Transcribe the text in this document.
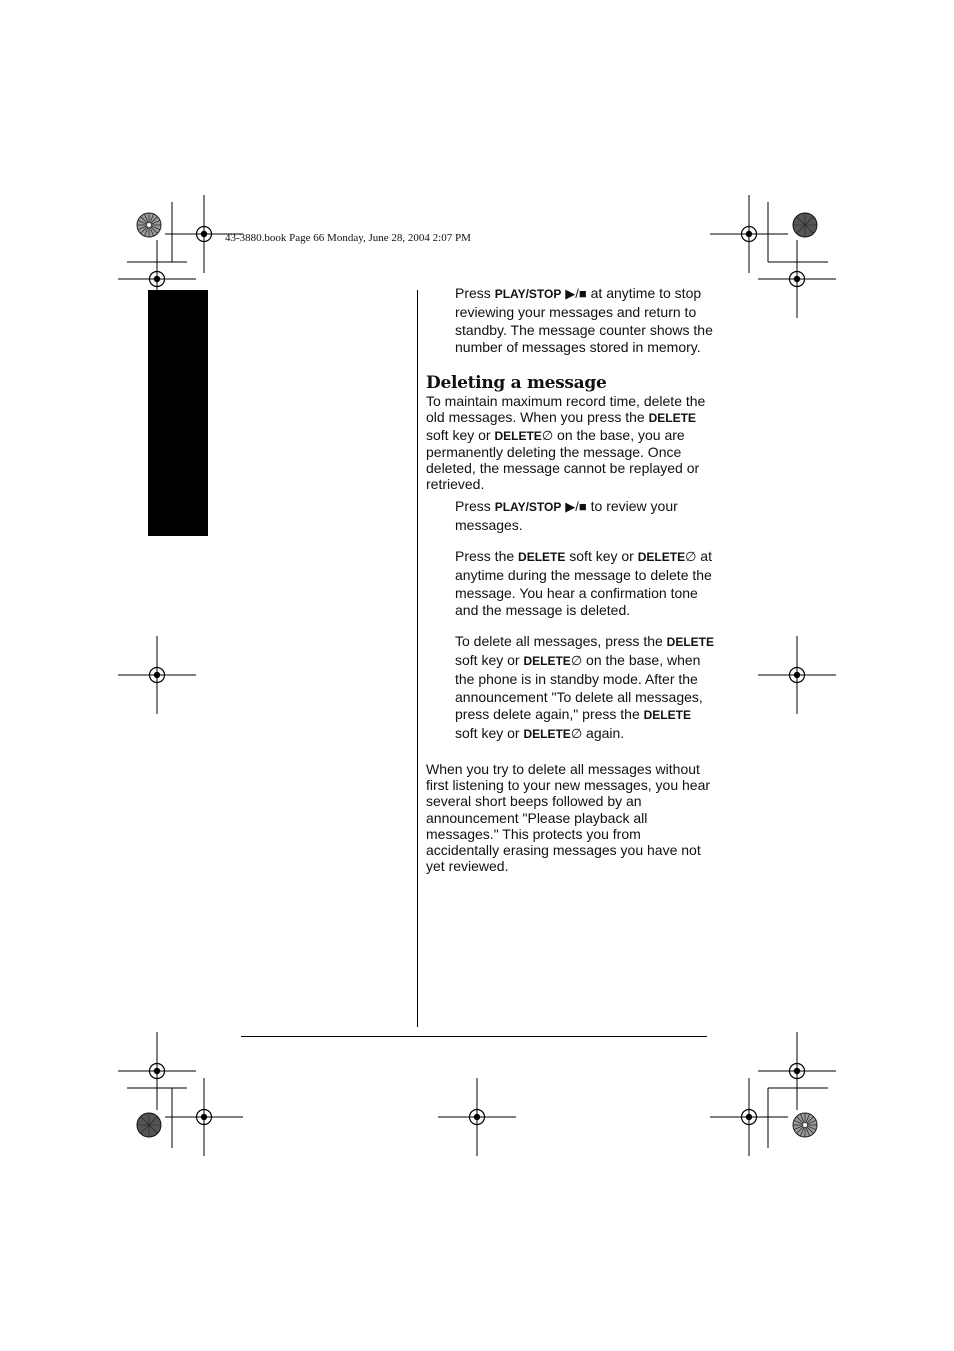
43-3880.book Page 66 Monday, June 28, 2004 2:07 PM
Press PLAY/STOP ▶/■ at anytime to stop reviewing your messages and return to standby. The message counter shows the number of messages stored in memory.
Deleting a message

To maintain maximum record time, delete the old messages. When you press the DELETE soft key or DELETE∅ on the base, you are permanently deleting the message. Once deleted, the message cannot be replayed or retrieved.

Press PLAY/STOP ▶/■ to review your messages.
Press the DELETE soft key or DELETE∅ at anytime during the message to delete the message. You hear a confirmation tone and the message is deleted.
To delete all messages, press the DELETE soft key or DELETE∅ on the base, when the phone is in standby mode. After the announcement "To delete all messages, press delete again," press the DELETE soft key or DELETE∅ again.

When you try to delete all messages without first listening to your new messages, you hear several short beeps followed by an announcement "Please playback all messages." This protects you from accidentally erasing messages you have not yet reviewed.
